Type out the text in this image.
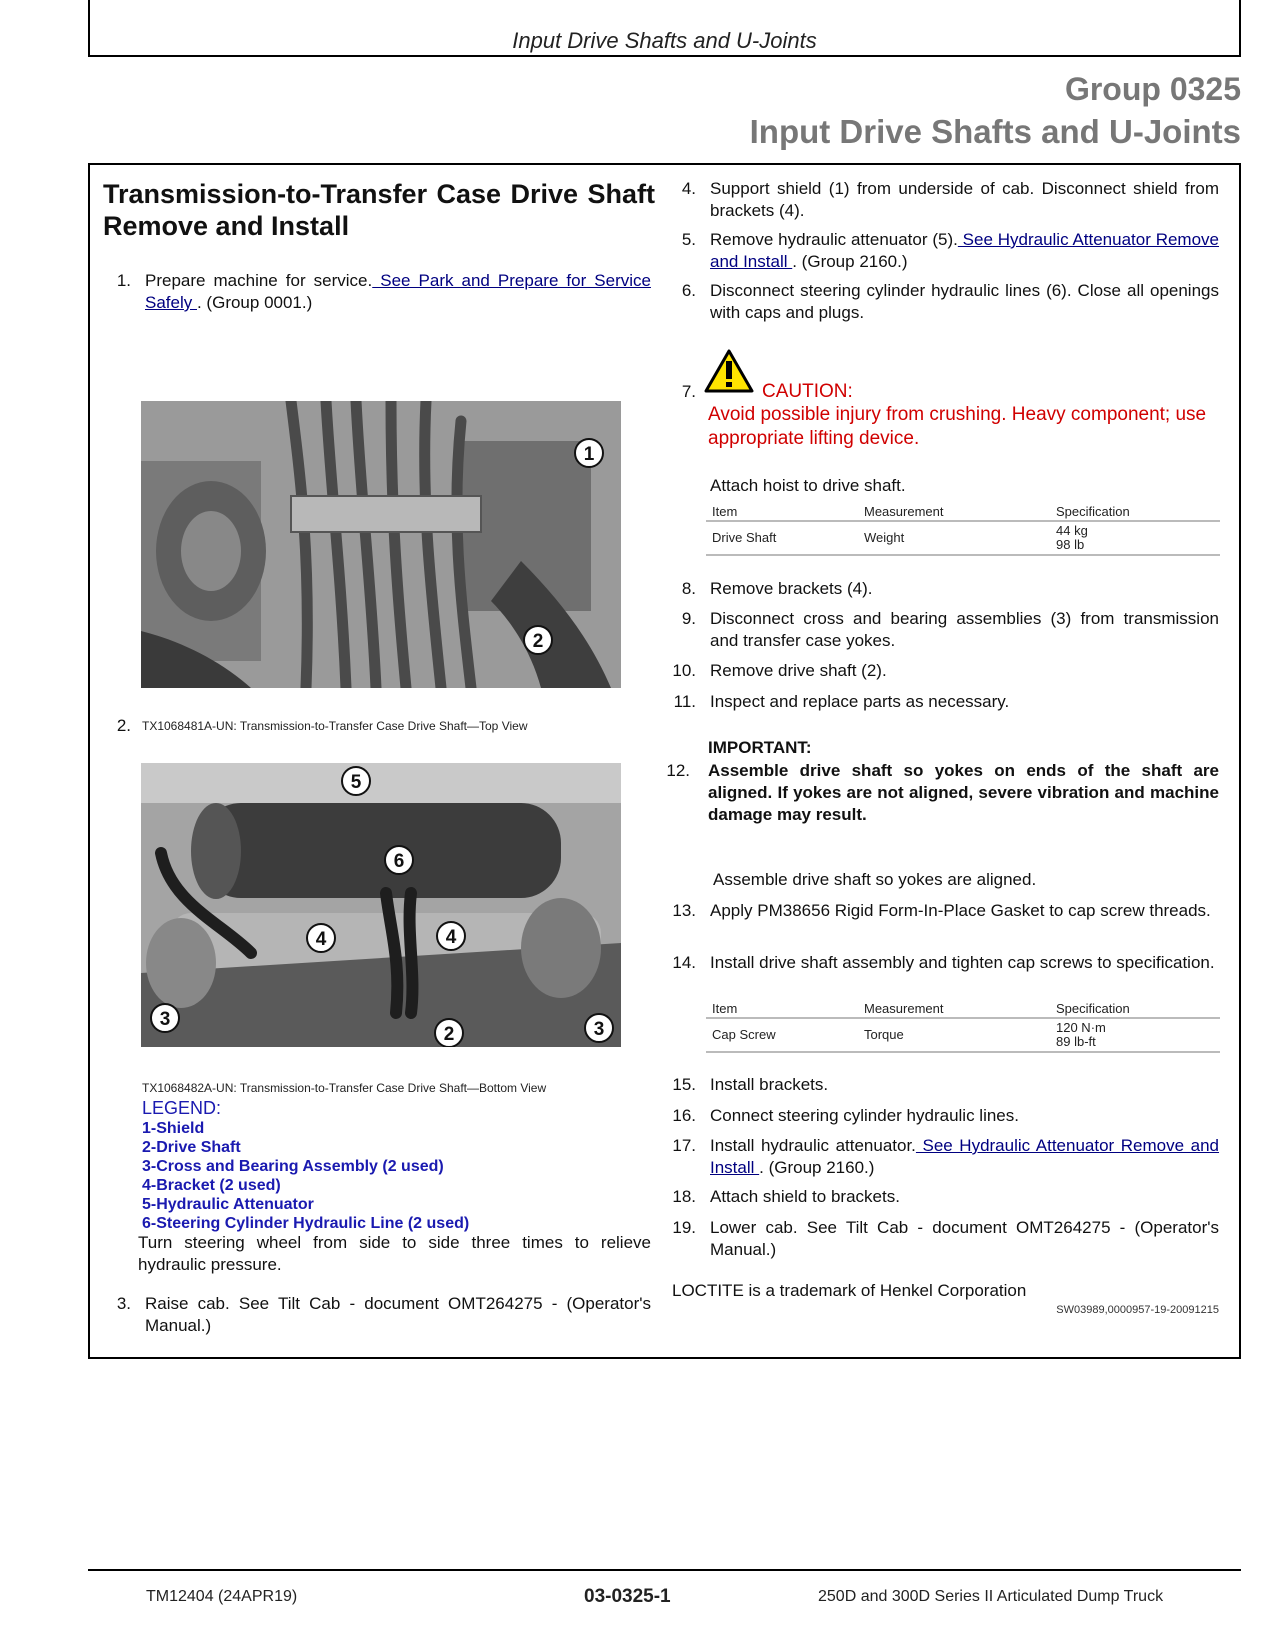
Input Drive Shafts and U-Joints
Group 0325
Input Drive Shafts and U-Joints
Transmission-to-Transfer Case Drive Shaft Remove and Install
1. Prepare machine for service. See Park and Prepare for Service Safely . (Group 0001.)
1
2
2. TX1068481A-UN: Transmission-to-Transfer Case Drive Shaft—Top View
5
6
4	4
3
2	3
TX1068482A-UN: Transmission-to-Transfer Case Drive Shaft—Bottom View
LEGEND:
1-Shield
2-Drive Shaft
3-Cross and Bearing Assembly (2 used)
4-Bracket (2 used)
5-Hydraulic Attenuator
6-Steering Cylinder Hydraulic Line (2 used)
Turn steering wheel from side to side three times to relieve hydraulic pressure.
3. Raise cab. See Tilt Cab - document OMT264275 - (Operator's Manual.)
4. Support shield (1) from underside of cab. Disconnect shield from brackets (4).
5. Remove hydraulic attenuator (5). See Hydraulic Attenuator Remove and Install . (Group 2160.)
6. Disconnect steering cylinder hydraulic lines (6). Close all openings with caps and plugs.
7.	CAUTION:
Avoid possible injury from crushing. Heavy component; use appropriate lifting device.
Attach hoist to drive shaft.
Item	Measurement	Specification
Drive Shaft	Weight	44 kg
98 lb
8. Remove brackets (4).
9. Disconnect cross and bearing assemblies (3) from transmission and transfer case yokes.
10. Remove drive shaft (2).
11. Inspect and replace parts as necessary.
IMPORTANT:
12. Assemble drive shaft so yokes on ends of the shaft are aligned. If yokes are not aligned, severe vibration and machine damage may result.
Assemble drive shaft so yokes are aligned.
13. Apply PM38656 Rigid Form-In-Place Gasket to cap screw threads.
14. Install drive shaft assembly and tighten cap screws to specification.
Item	Measurement	Specification
Cap Screw	Torque	120 N·m
89 lb-ft
15. Install brackets.
16. Connect steering cylinder hydraulic lines.
17. Install hydraulic attenuator. See Hydraulic Attenuator Remove and Install . (Group 2160.)
18. Attach shield to brackets.
19. Lower cab. See Tilt Cab - document OMT264275 - (Operator's Manual.)
LOCTITE is a trademark of Henkel Corporation
SW03989,0000957-19-20091215
TM12404 (24APR19)	03-0325-1	250D and 300D Series II Articulated Dump Truck
